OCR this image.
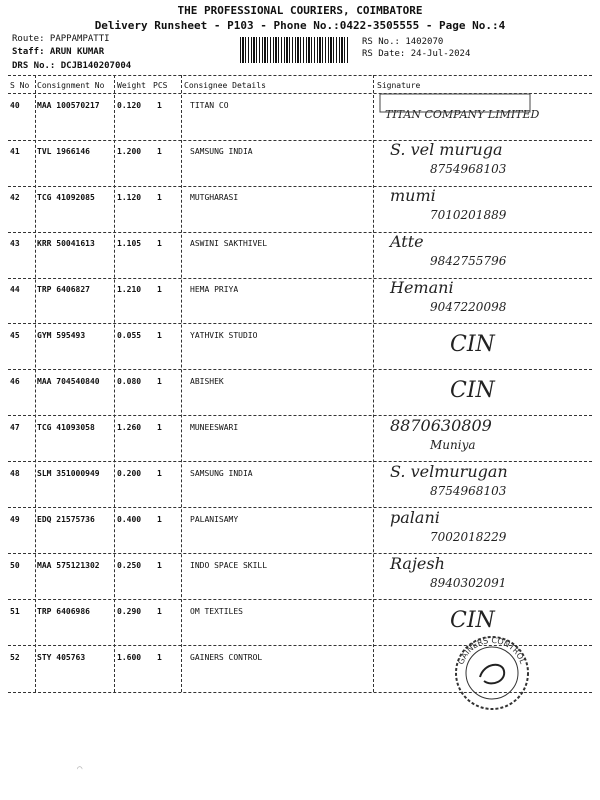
THE PROFESSIONAL COURIERS, COIMBATORE
Delivery Runsheet - P103 - Phone No.:0422-3505555 - Page No.:4
Route: PAPPAMPATTI
Staff: ARUN KUMAR
DRS No.: DCJB140207004
RS No.: 1402070
RS Date: 24-Jul-2024
S No Consignment No Weight PCS Consignee Details	Signature
40 MAA 100570217 0.120 1	TITAN CO
TITAN COMPANY LIMITED
41 TVL 1966146	1.200 1	SAMSUNG INDIA	S. vel muruga
8754968103
42 TCG 41092085	1.120 1	MUTGHARASI	mumi
7010201889
43 KRR 50041613	1.105 1	ASWINI SAKTHIVEL	Atte
9842755796
44 TRP 6406827	1.210 1	HEMA PRIYA	Hemani
9047220098
45 GYM 595493	0.055 1	YATHVIK STUDIO	CIN
46 MAA 704540840 0.080 1	ABISHEK	CIN
47 TCG 41093058	1.260 1	MUNEESWARI	8870630809
Muniya
48 SLM 351000949 0.200 1	SAMSUNG INDIA	S. velmurugan
8754968103
49 EDQ 21575736	0.400 1	PALANISAMY	palani
7002018229
50 MAA 575121302 0.250 1	INDO SPACE SKILL	Rajesh
8940302091
51 TRP 6406986	0.290 1	OM TEXTILES	CIN
52 STY 405763	1.600 1	GAINERS CONTROL	GAINERS CONTROL
⌒
